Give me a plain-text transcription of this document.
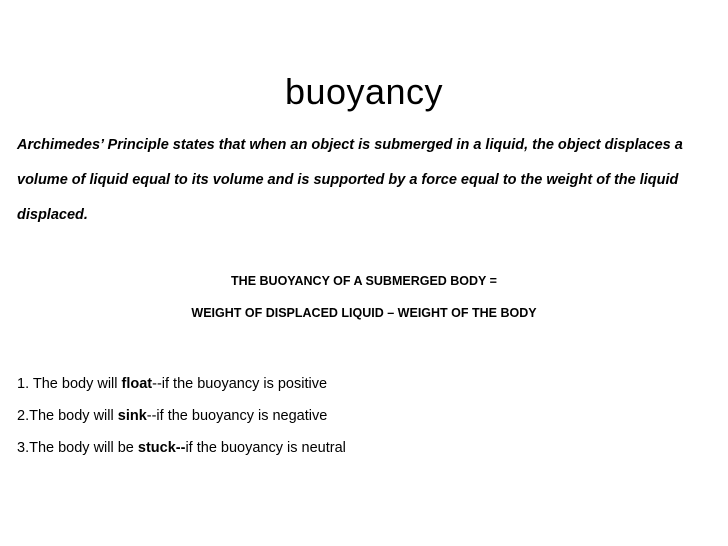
buoyancy

Archimedes’ Principle states that when an object is submerged in a liquid, the object displaces a volume of liquid equal to its volume and is supported by a force equal to the weight of the liquid displaced.

THE BUOYANCY OF A SUBMERGED BODY =

WEIGHT OF DISPLACED LIQUID – WEIGHT OF THE BODY

1. The body will float--if the buoyancy is positive
2.The body will sink--if the buoyancy is negative
3.The body will be stuck--if the buoyancy is neutral
